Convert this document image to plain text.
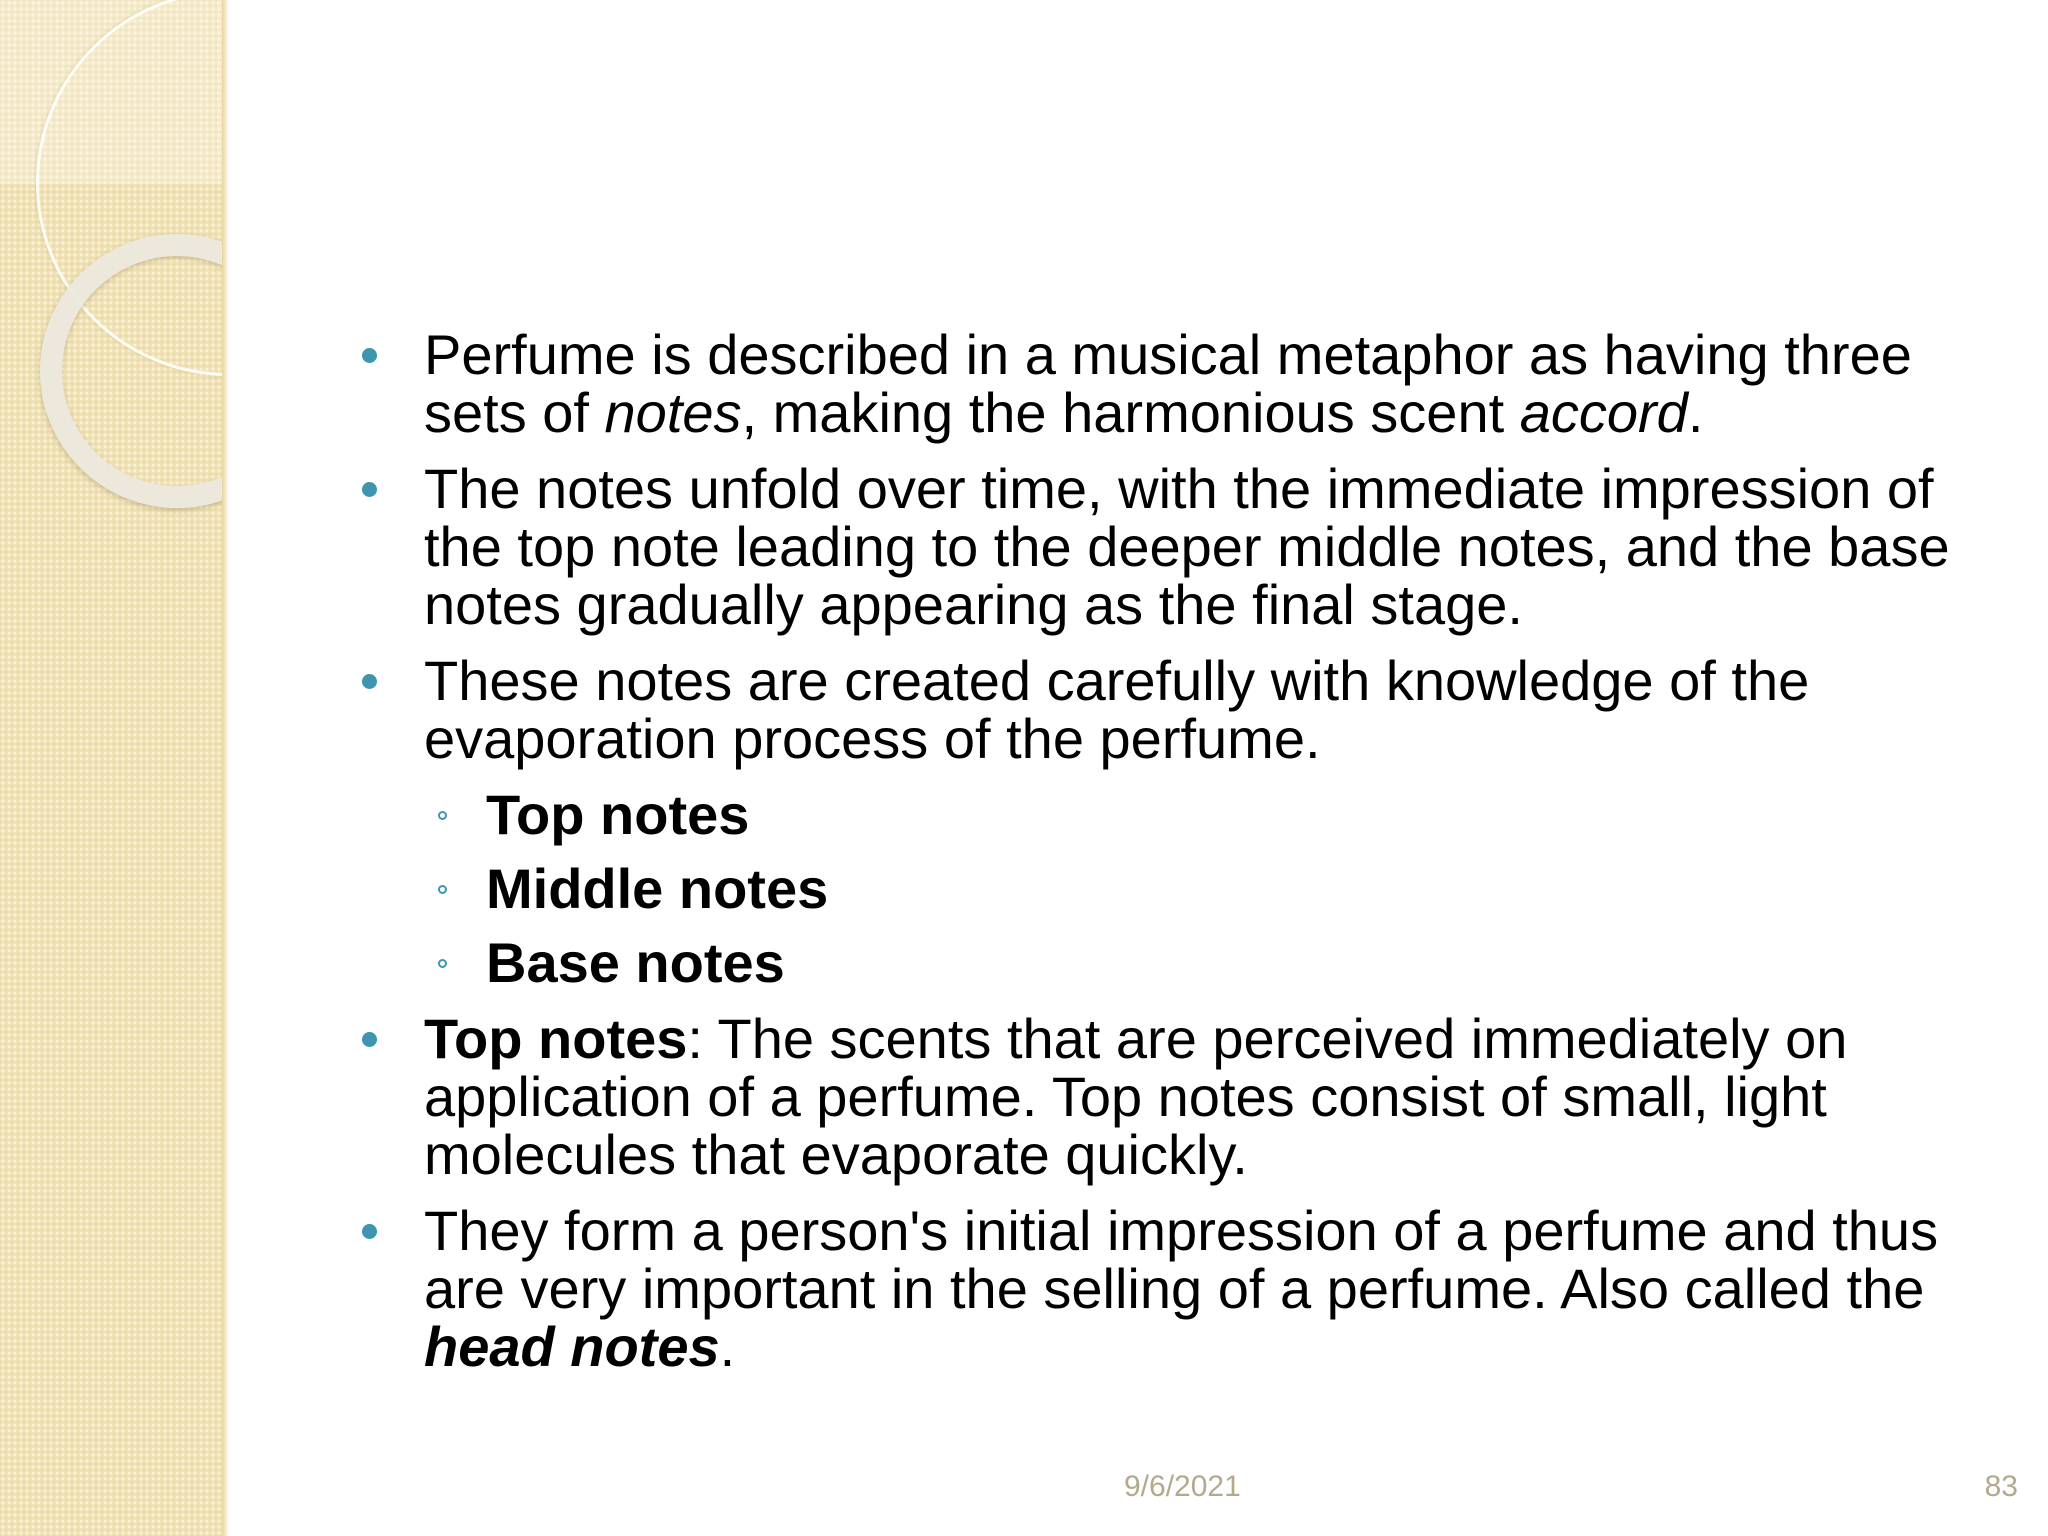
Perfume is described in a musical metaphor as having three sets of notes, making the harmonious scent accord.
The notes unfold over time, with the immediate impression of the top note leading to the deeper middle notes, and the base notes gradually appearing as the final stage.
These notes are created carefully with knowledge of the evaporation process of the perfume.
Top notes
Middle notes
Base notes
Top notes: The scents that are perceived immediately on application of a perfume. Top notes consist of small, light molecules that evaporate quickly.
They form a person's initial impression of a perfume and thus are very important in the selling of a perfume. Also called the head notes.
9/6/2021	83
